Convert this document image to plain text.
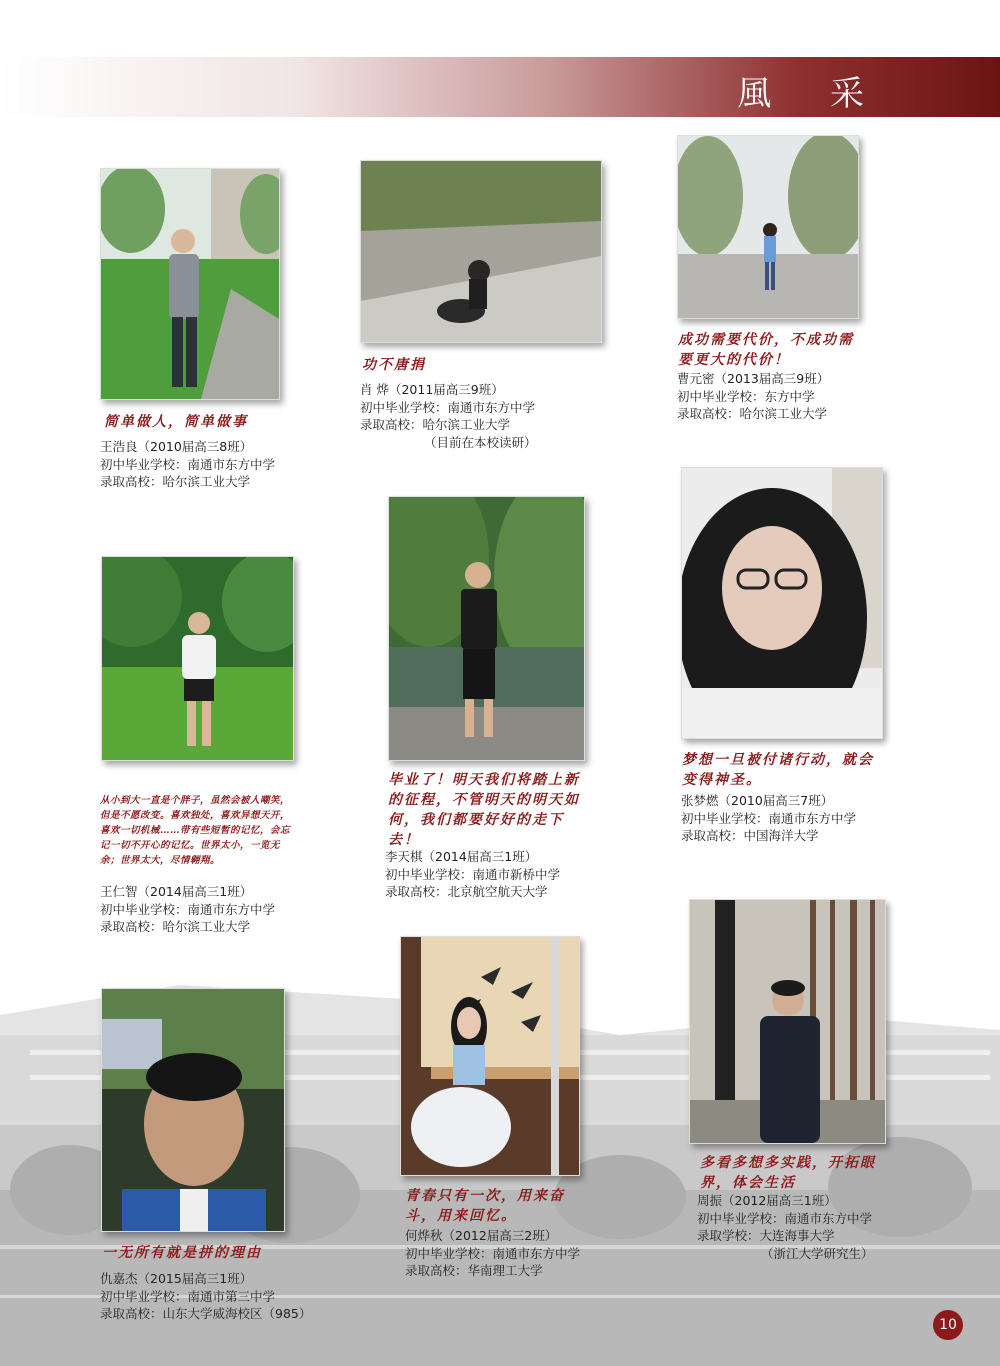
風 采
简单做人，简单做事
王浩良（2010届高三8班）
初中毕业学校：南通市东方中学
录取高校：哈尔滨工业大学
功不唐捐
肖 烨（2011届高三9班）
初中毕业学校：南通市东方中学
录取高校：哈尔滨工业大学
（目前在本校读研）
成功需要代价，不成功需要更大的代价！
曹元密（2013届高三9班）
初中毕业学校：东方中学
录取高校：哈尔滨工业大学
从小到大一直是个胖子，虽然会被人嘲笑，但是不愿改变。喜欢独处，喜欢异想天开，喜欢一切机械……带有些短暂的记忆，会忘记一切不开心的记忆。世界太小，一览无余；世界太大，尽情翱翔。
王仁智（2014届高三1班）
初中毕业学校：南通市东方中学
录取高校：哈尔滨工业大学
毕业了！明天我们将踏上新的征程，不管明天的明天如何，我们都要好好的走下去！
李天棋（2014届高三1班）
初中毕业学校：南通市新桥中学
录取高校：北京航空航天大学
梦想一旦被付诸行动，就会变得神圣。
张梦燃（2010届高三7班）
初中毕业学校：南通市东方中学
录取高校：中国海洋大学
一无所有就是拼的理由
仇嘉杰（2015届高三1班）
初中毕业学校：南通市第三中学
录取高校：山东大学威海校区（985）
青春只有一次，用来奋斗，用来回忆。
何烨秋（2012届高三2班）
初中毕业学校：南通市东方中学
录取高校：华南理工大学
多看多想多实践，开拓眼界，体会生活
周振（2012届高三1班）
初中毕业学校：南通市东方中学
录取学校：大连海事大学
（浙江大学研究生）
10
